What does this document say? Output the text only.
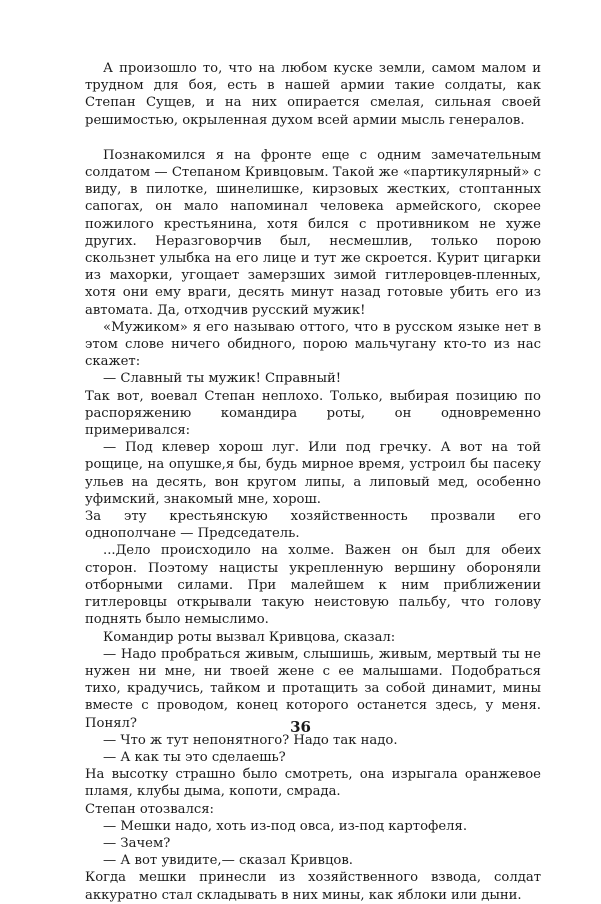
А произошло то, что на любом куске земли, самом малом и трудном для боя, есть в нашей армии такие солдаты, как Степан Сущев, и на них опирается смелая, сильная своей решимостью, окрыленная духом всей армии мысль генералов.

Познакомился я на фронте еще с одним замечательным солдатом — Степаном Кривцовым. Такой же «партикулярный» с виду, в пилотке, шинелишке, кирзовых жестких, стоптанных сапогах, он мало напоминал человека армейского, скорее пожилого крестьянина, хотя бился с противником не хуже других. Неразговорчив был, несмешлив, только порою скользнет улыбка на его лице и тут же скроется. Курит цигарки из махорки, угощает замерзших зимой гитлеровцев-пленных, хотя они ему враги, десять минут назад готовые убить его из автомата. Да, отходчив русский мужик!

«Мужиком» я его называю оттого, что в русском языке нет в этом слове ничего обидного, порою мальчугану кто-то из нас скажет:

— Славный ты мужик! Справный!

Так вот, воевал Степан неплохо. Только, выбирая позицию по распоряжению командира роты, он одновременно примеривался:

— Под клевер хорош луг. Или под гречку. А вот на той рощице, на опушке,я бы, будь мирное время, устроил бы пасеку ульев на десять, вон кругом липы, а липовый мед, особенно уфимский, знакомый мне, хорош.

За эту крестьянскую хозяйственность прозвали его однополчане — Председатель.

...Дело происходило на холме. Важен он был для обеих сторон. Поэтому нацисты укрепленную вершину обороняли отборными силами. При малейшем к ним приближении гитлеровцы открывали такую неистовую пальбу, что голову поднять было немыслимо.

Командир роты вызвал Кривцова, сказал:

— Надо пробраться живым, слышишь, живым, мертвый ты не нужен ни мне, ни твоей жене с ее малышами. Подобраться тихо, крадучись, тайком и протащить за собой динамит, мины вместе с проводом, конец которого останется здесь, у меня. Понял?

— Что ж тут непонятного? Надо так надо.

— А как ты это сделаешь?

На высотку страшно было смотреть, она изрыгала оранжевое пламя, клубы дыма, копоти, смрада.

Степан отозвался:

— Мешки надо, хоть из-под овса, из-под картофеля.

— Зачем?

— А вот увидите,— сказал Кривцов.

Когда мешки принесли из хозяйственного взвода, солдат аккуратно стал складывать в них мины, как яблоки или дыни.

36
